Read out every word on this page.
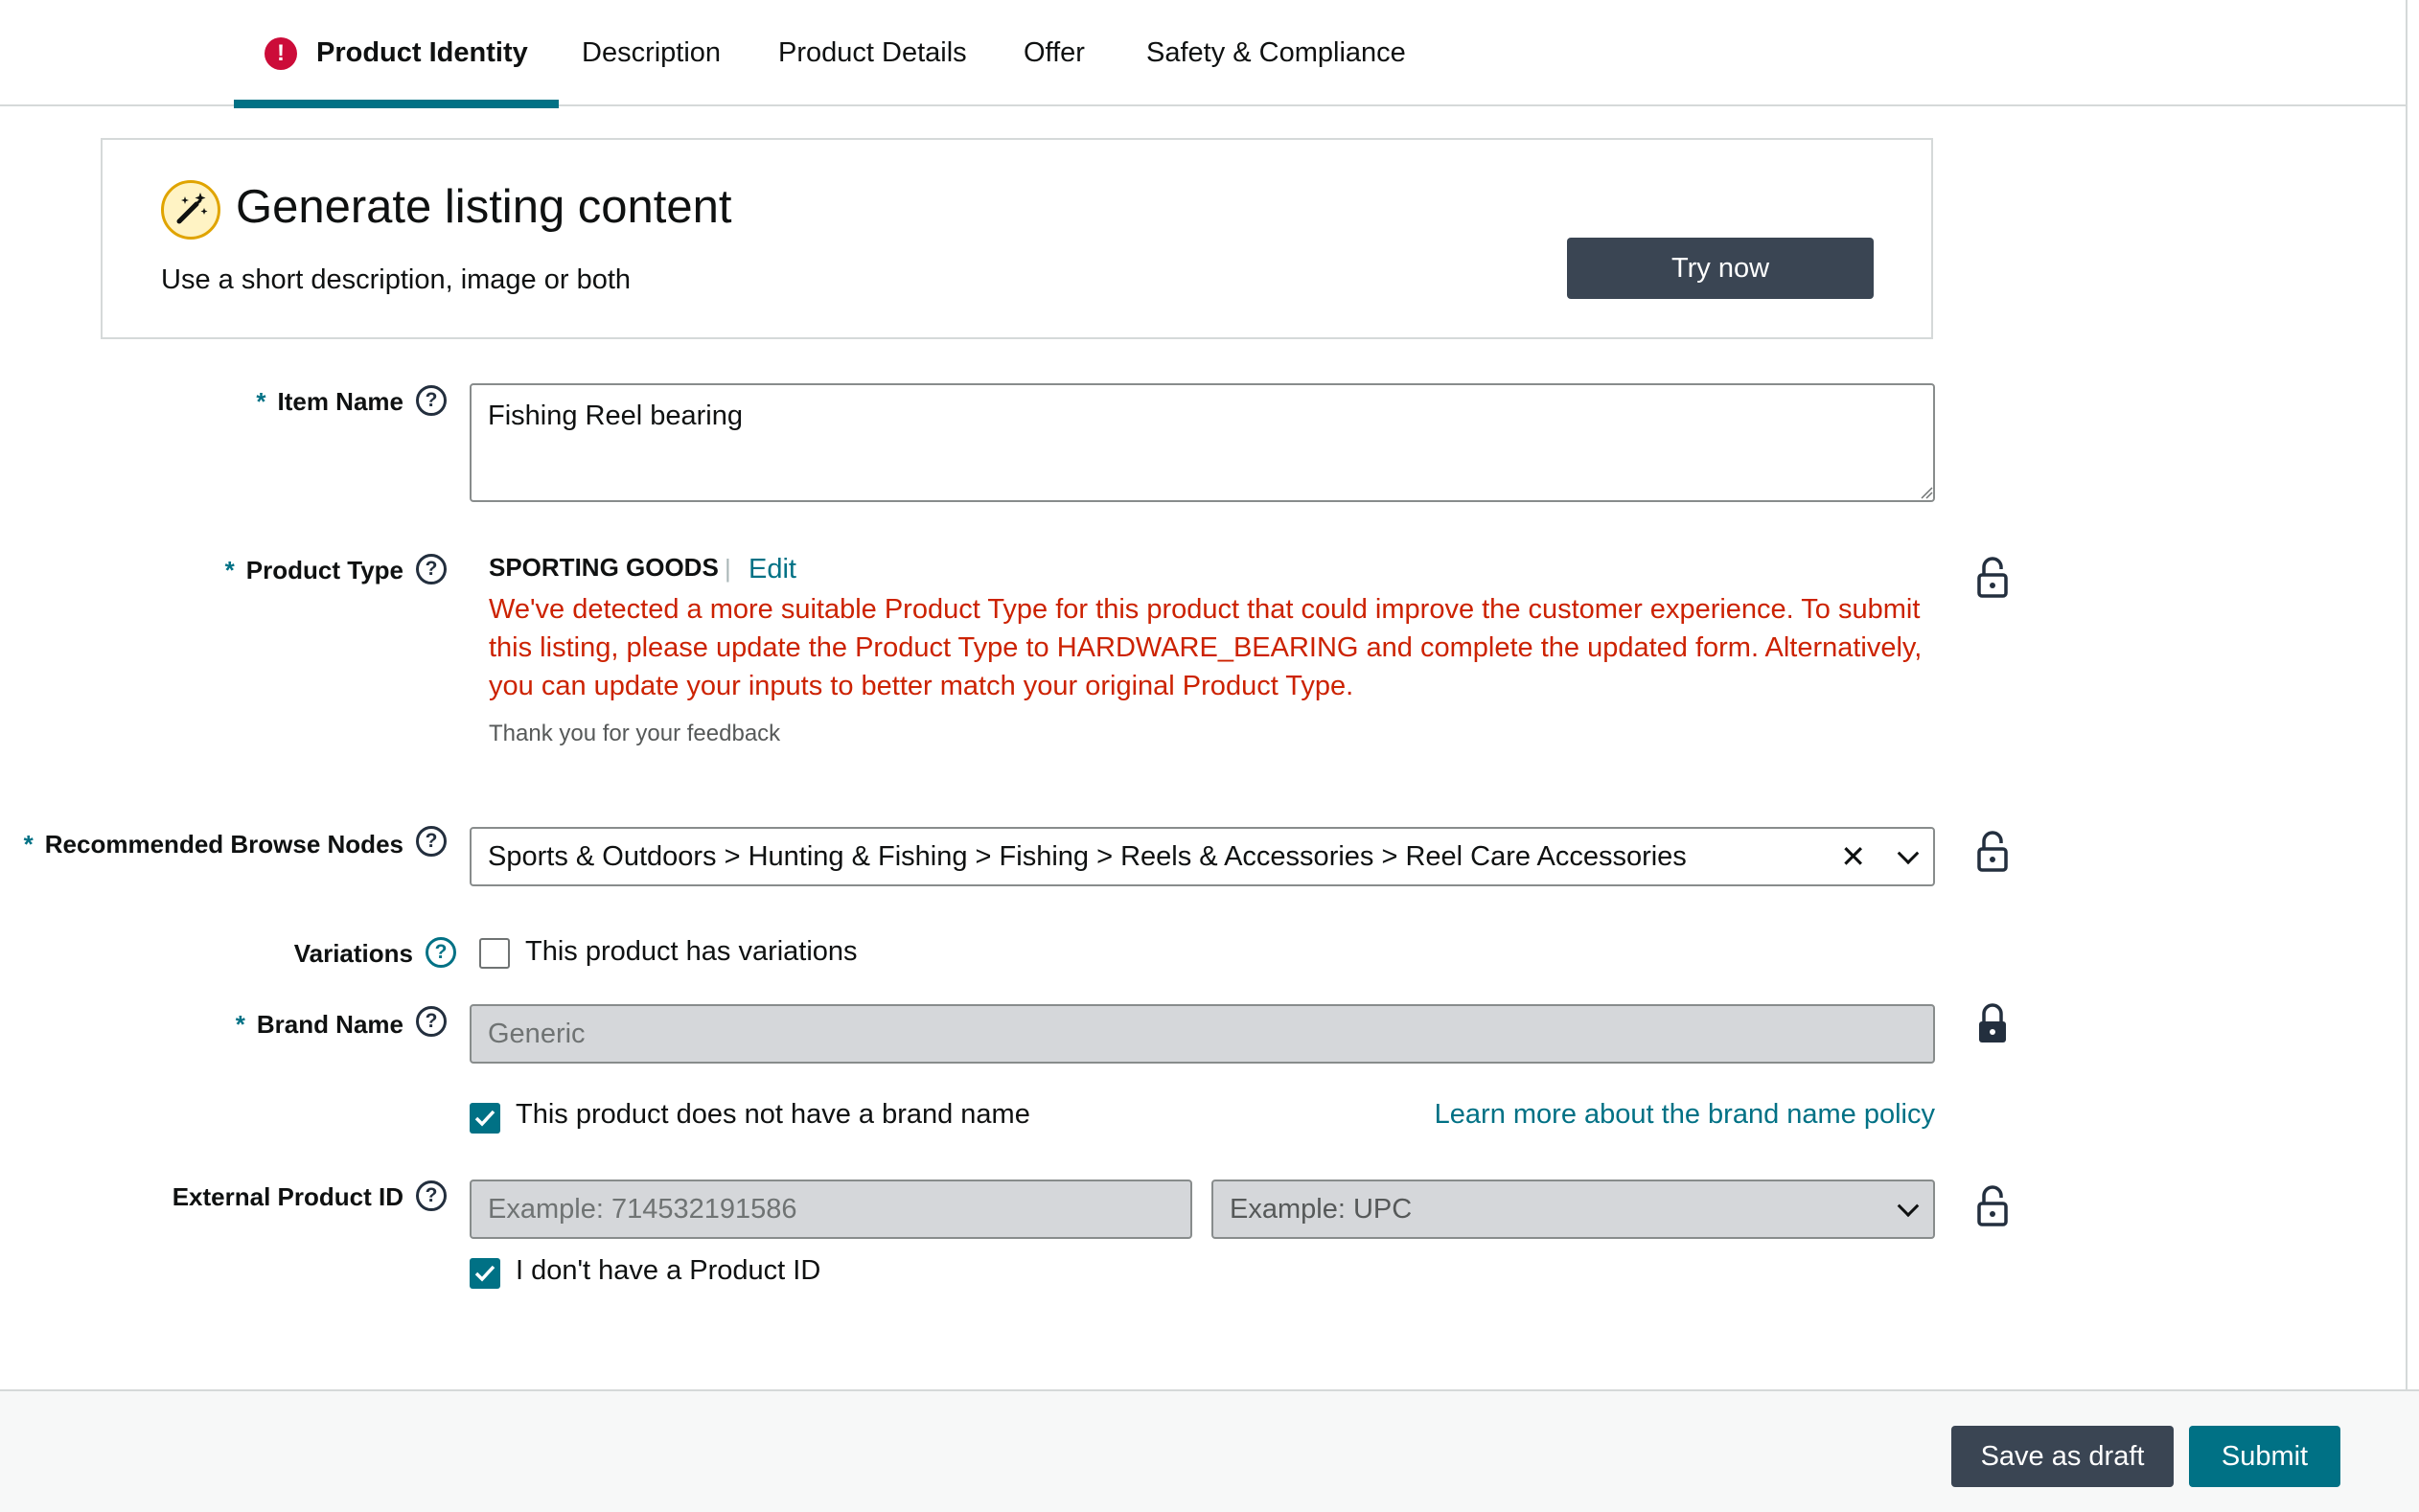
!	Product Identity Description Product Details Offer Safety & Compliance
Generate listing content
Use a short description, image or both	Try now
* Item Name	?
Fishing Reel bearing
* Product Type	?	SPORTING GOODS | Edit
We've detected a more suitable Product Type for this product that could improve the customer experience. To submit this listing, please update the Product Type to HARDWARE_BEARING and complete the updated form. Alternatively, you can update your inputs to better match your original Product Type.
Thank you for your feedback
* Recommended Browse Nodes	?	Sports & Outdoors > Hunting & Fishing > Fishing > Reels & Accessories > Reel Care Accessories	✕
Variations	?	This product has variations
* Brand Name	?	Generic
This product does not have a brand name	Learn more about the brand name policy
External Product ID	?	Example: 714532191586	Example: UPC
I don't have a Product ID
Save as draft	Submit
